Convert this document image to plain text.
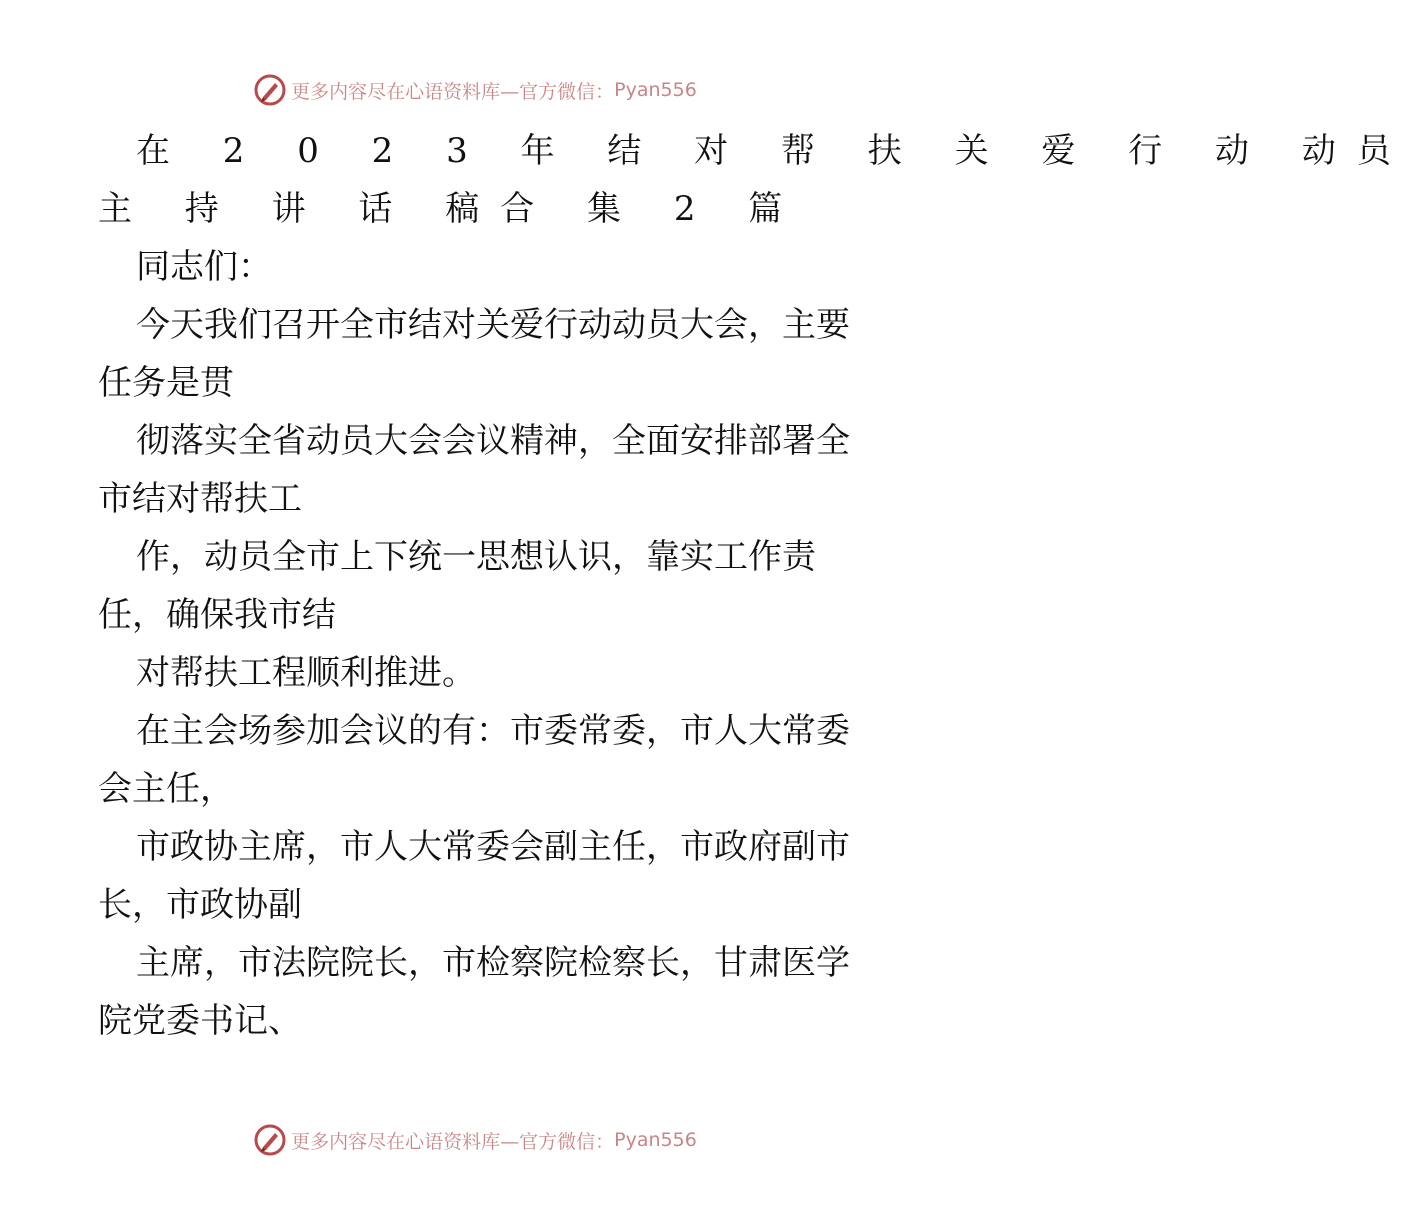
更多内容尽在心语资料库—官方微信： Pyan556
在 2 0 2 3 年 结 对 帮 扶 关 爱 行 动 动员
主 持 讲 话 稿合 集 2 篇
同志们：
今天我们召开全市结对关爱行动动员大会，主要
任务是贯
彻落实全省动员大会会议精神，全面安排部署全
市结对帮扶工
作，动员全市上下统一思想认识，靠实工作责
任，确保我市结
对帮扶工程顺利推进。
在主会场参加会议的有：市委常委，市人大常委
会主任，
市政协主席，市人大常委会副主任，市政府副市
长，市政协副
主席，市法院院长，市检察院检察长，甘肃医学
院党委书记、
更多内容尽在心语资料库—官方微信： Pyan556
